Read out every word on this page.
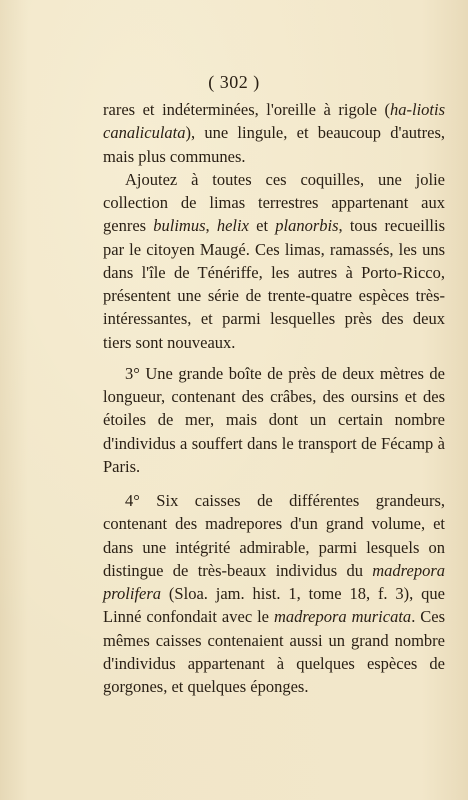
( 302 )

rares et indéterminées, l'oreille à rigole (ha-liotis canaliculata), une lingule, et beaucoup d'autres, mais plus communes.

Ajoutez à toutes ces coquilles, une jolie collection de limas terrestres appartenant aux genres bulimus, helix et planorbis, tous recueillis par le citoyen Maugé. Ces limas, ramassés, les uns dans l'île de Ténériffe, les autres à Porto-Ricco, présentent une série de trente-quatre espèces très-intéressantes, et parmi lesquelles près des deux tiers sont nouveaux.

3° Une grande boîte de près de deux mètres de longueur, contenant des crâbes, des oursins et des étoiles de mer, mais dont un certain nombre d'individus a souffert dans le transport de Fécamp à Paris.

4° Six caisses de différentes grandeurs, contenant des madrepores d'un grand volume, et dans une intégrité admirable, parmi lesquels on distingue de très-beaux individus du madrepora prolifera (Sloa. jam. hist. 1, tome 18, f. 3), que Linné confondait avec le madrepora muricata. Ces mêmes caisses contenaient aussi un grand nombre d'individus appartenant à quelques espèces de gorgones, et quelques éponges.
